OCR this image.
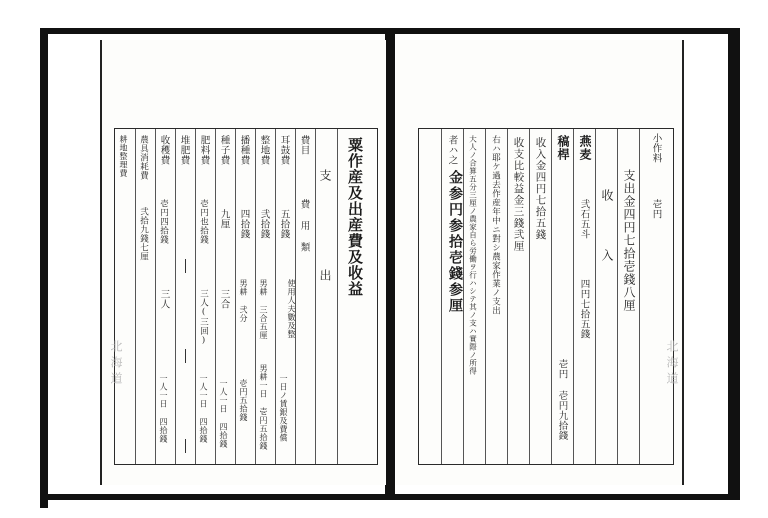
粟作産及出産費及收益
支
出
費目
費 用 類
耳鼓費
五拾錢
使用人夫數及整
一日ノ賃銀及費償
整地費
弐拾錢
男耕 三合五厘
男耕一日 壱円五拾錢
播種費
四拾錢
男耕 弐分
壱円五拾錢
種子費
九厘
三合
一人一日 四拾錢
肥料費
壱円也拾錢
三人(三回)
一人一日 四拾錢
堆肥費
收穫費
壱円四拾錢
三人
一人一日 四拾錢
農具消耗費
弐拾九錢七厘
耕地整理費
北海道
小作料
壱円
支出金四円七拾壱錢八厘
收
入
燕麦
弐石五斗
四円七拾五錢
稿桿
壱円 壱円九拾錢
收入金四円七拾五錢
收支比較益金三錢弐厘
右ハ耶ケ過去作産年中ニ對シ農家作業ノ支出
大人ノ合算五分三厘ノ農家自ら労働ヲ行ハシテ其ノ支ハ實際ノ所得
者ハ之
金参円参拾壱錢参厘
北海道
